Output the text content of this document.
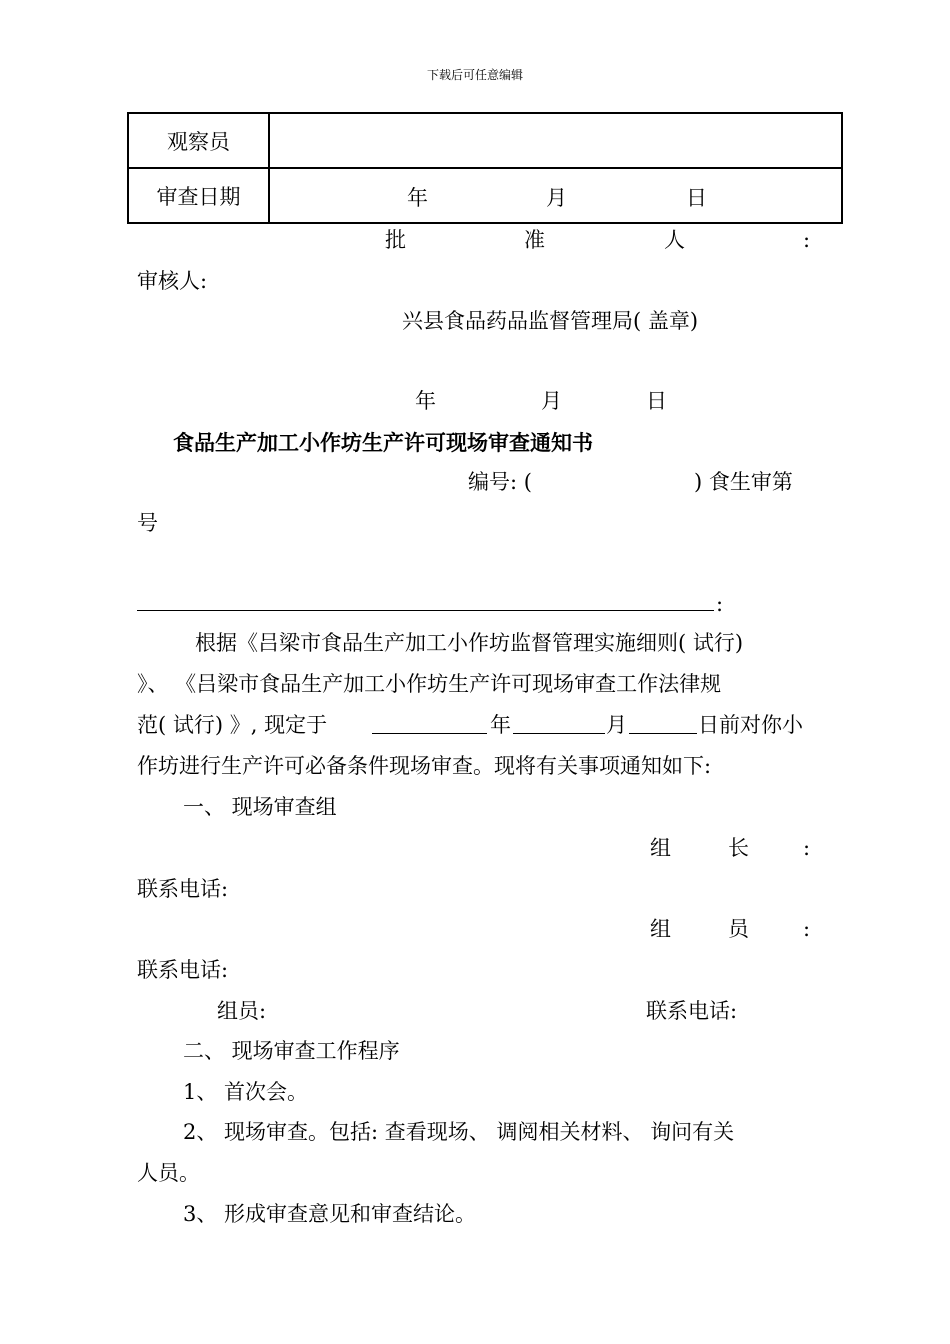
下载后可任意编辑
观察员	
审查日期	年 月 日
批	准	人	:
审核人:
兴县食品药品监督管理局( 盖章)
年	月	日
食品生产加工小作坊生产许可现场审查通知书
编号: (	) 食生审第
号
:
根据《吕梁市食品生产加工小作坊监督管理实施细则( 试行)
》、 《吕梁市食品生产加工小作坊生产许可现场审查工作法律规
范( 试行) 》, 现定于	年	月	日前对你小
作坊进行生产许可必备条件现场审查。现将有关事项通知如下:
一、 现场审查组
组	长	:
联系电话:
组	员	:
联系电话:
组员:	联系电话:
二、 现场审查工作程序
1、 首次会。
2、 现场审查。包括: 查看现场、 调阅相关材料、 询问有关
人员。
3、 形成审查意见和审查结论。
